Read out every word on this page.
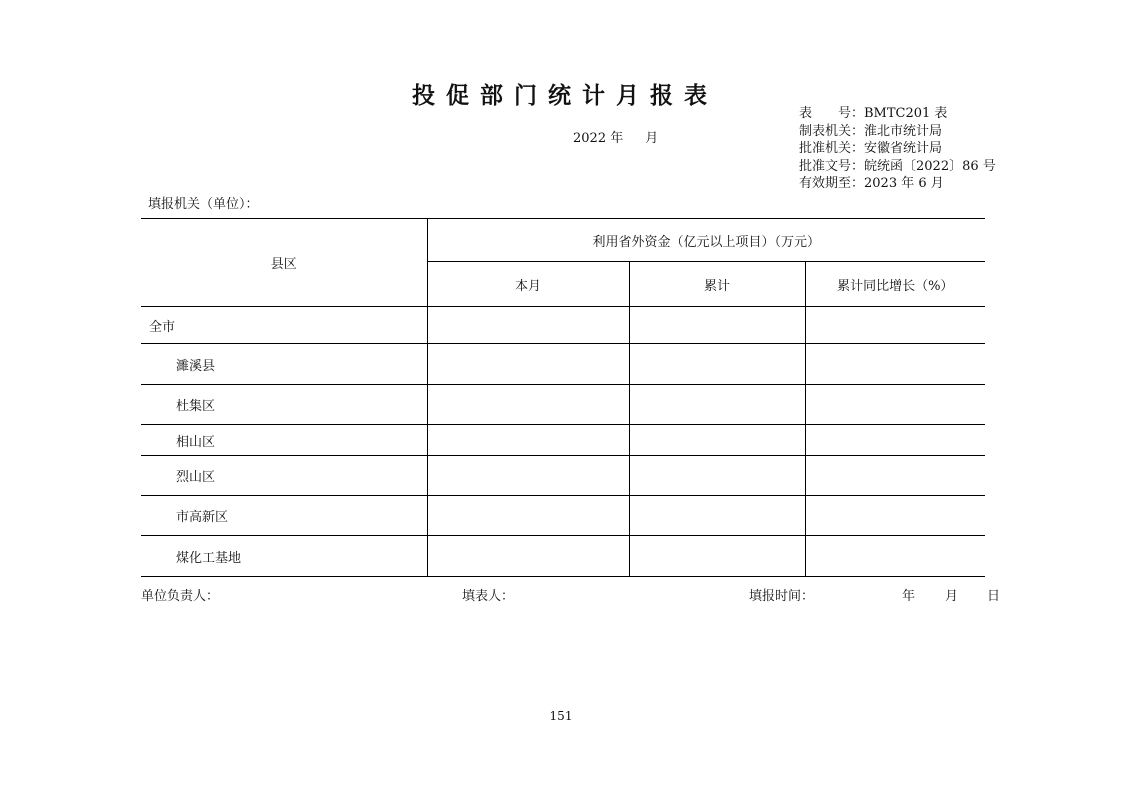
投促部门统计月报表
2022 年 月
表　　号：BMTC201 表
制表机关：淮北市统计局
批准机关：安徽省统计局
批准文号：皖统函〔2022〕86 号
有效期至：2023 年 6 月
填报机关（单位）：
县区	利用省外资金（亿元以上项目）（万元）		
	本月	累计	累计同比增长（%）
全市			
濉溪县			
杜集区			
相山区			
烈山区			
市高新区			
煤化工基地			
单位负责人：	填表人：	填报时间：	年 月 日
151
